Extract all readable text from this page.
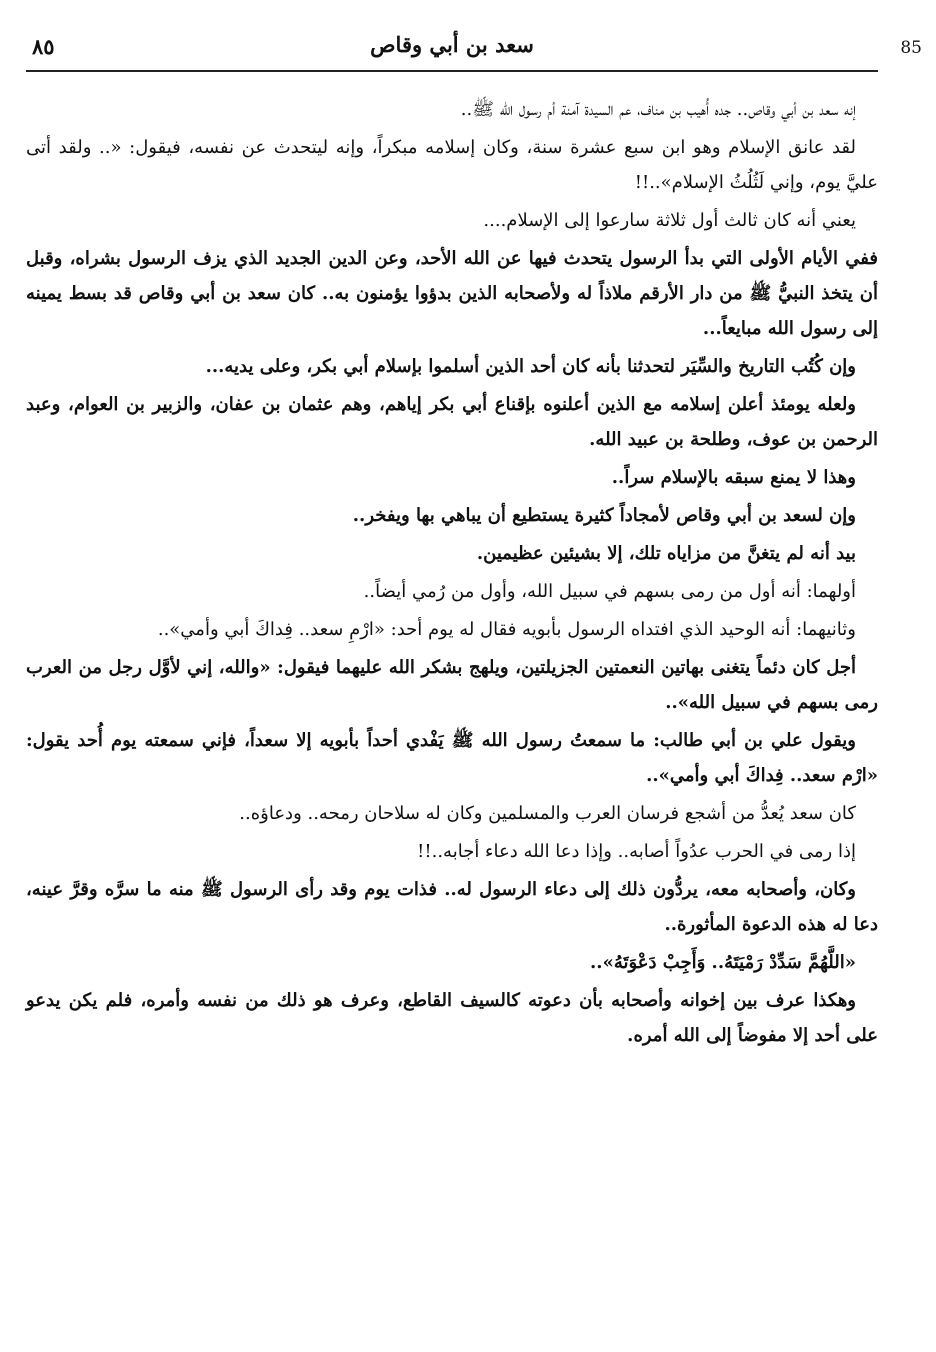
٨٥	سعد بن أبي وقاص	85

إنه سعد بن أبي وقاص.. جده أُهيب بن مناف، عم السيدة آمنة أم رسول الله ﷺ..

لقد عانق الإسلام وهو ابن سبع عشرة سنة، وكان إسلامه مبكراً، وإنه ليتحدث عن نفسه، فيقول: «.. ولقد أتى عليَّ يوم، وإني لَثُلُثُ الإسلام»..!!

يعني أنه كان ثالث أول ثلاثة سارعوا إلى الإسلام....

ففي الأيام الأولى التي بدأ الرسول يتحدث فيها عن الله الأحد، وعن الدين الجديد الذي يزف الرسول بشراه، وقبل أن يتخذ النبيُّ ﷺ من دار الأرقم ملاذاً له ولأصحابه الذين بدؤوا يؤمنون به.. كان سعد بن أبي وقاص قد بسط يمينه إلى رسول الله مبايعاً...

وإن كُتُب التاريخ والسِّيَر لتحدثنا بأنه كان أحد الذين أسلموا بإسلام أبي بكر، وعلى يديه...

ولعله يومئذ أعلن إسلامه مع الذين أعلنوه بإقناع أبي بكر إياهم، وهم عثمان بن عفان، والزبير بن العوام، وعبد الرحمن بن عوف، وطلحة بن عبيد الله.

وهذا لا يمنع سبقه بالإسلام سراً..

وإن لسعد بن أبي وقاص لأمجاداً كثيرة يستطيع أن يباهي بها ويفخر..

بيد أنه لم يتغنَّ من مزاياه تلك، إلا بشيئين عظيمين.

أولهما: أنه أول من رمى بسهم في سبيل الله، وأول من رُمي أيضاً..

وثانيهما: أنه الوحيد الذي افتداه الرسول بأبويه فقال له يوم أحد: «ارْمِ سعد.. فِداكَ أبي وأمي»..

أجل كان دئماً يتغنى بهاتين النعمتين الجزيلتين، ويلهج بشكر الله عليهما فيقول: «والله، إني لأوَّل رجل من العرب رمى بسهم في سبيل الله»..

ويقول علي بن أبي طالب: ما سمعتُ رسول الله ﷺ يَفْدي أحداً بأبويه إلا سعداً، فإني سمعته يوم أُحد يقول: «ارْم سعد.. فِداكَ أبي وأمي»..

كان سعد يُعدُّ من أشجع فرسان العرب والمسلمين وكان له سلاحان رمحه.. ودعاؤه..

إذا رمى في الحرب عدُواً أصابه.. وإذا دعا الله دعاء أجابه..!!

وكان، وأصحابه معه، يردُّون ذلك إلى دعاء الرسول له.. فذات يوم وقد رأى الرسول ﷺ منه ما سرَّه وقرَّ عينه، دعا له هذه الدعوة المأثورة..

«اللَّهُمَّ سَدِّدْ رَمْيَتَهُ.. وَأَجِبْ دَعْوَتَهُ»..

وهكذا عرف بين إخوانه وأصحابه بأن دعوته كالسيف القاطع، وعرف هو ذلك من نفسه وأمره، فلم يكن يدعو على أحد إلا مفوضاً إلى الله أمره.
